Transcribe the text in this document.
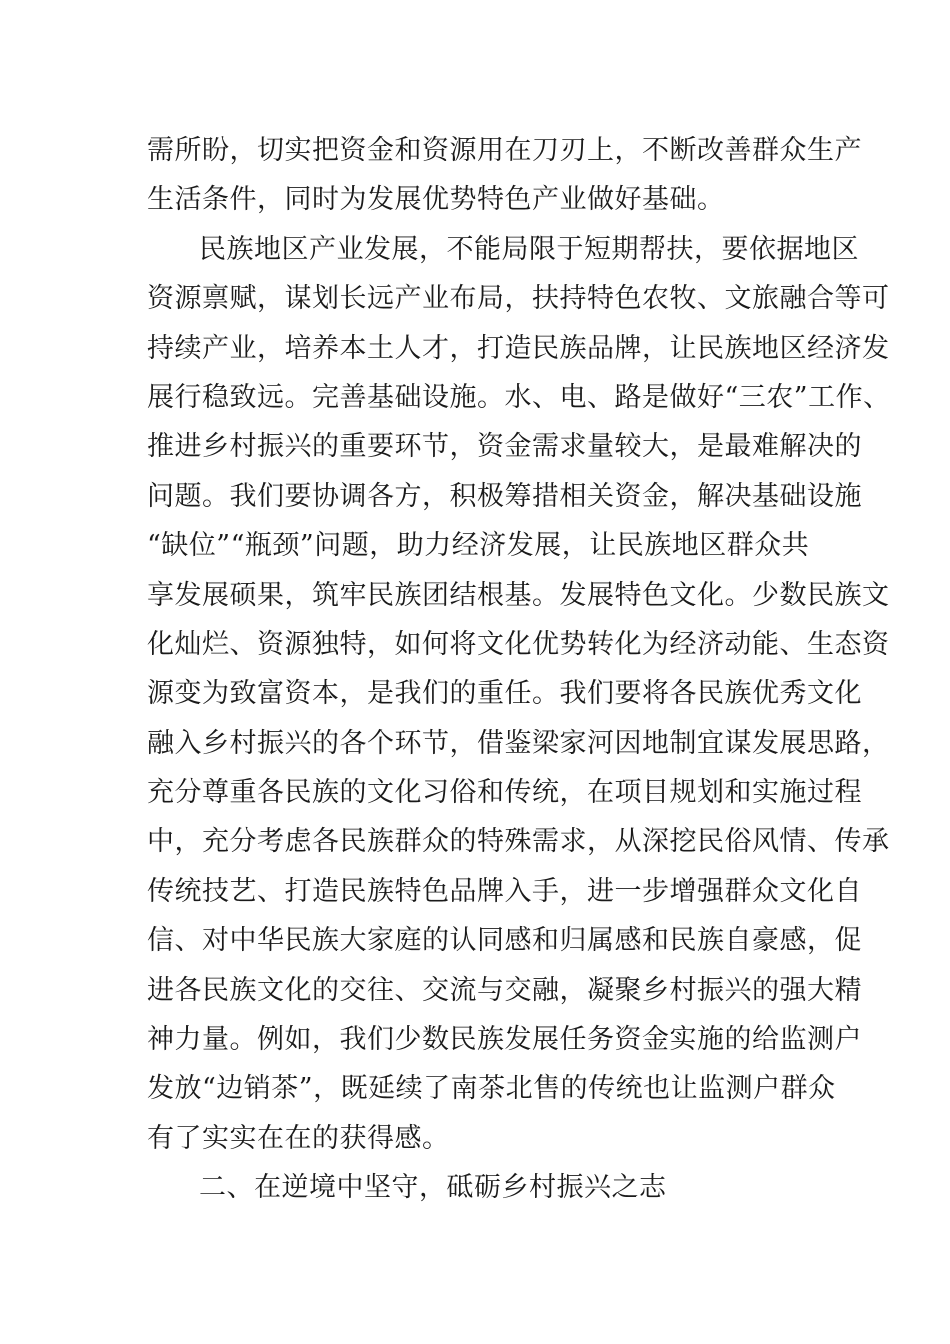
需所盼，切实把资金和资源用在刀刃上，不断改善群众生产
生活条件，同时为发展优势特色产业做好基础。
民族地区产业发展，不能局限于短期帮扶，要依据地区
资源禀赋，谋划长远产业布局，扶持特色农牧、文旅融合等可
持续产业，培养本土人才，打造民族品牌，让民族地区经济发
展行稳致远。完善基础设施。水、电、路是做好“三农”工作、
推进乡村振兴的重要环节，资金需求量较大，是最难解决的
问题。我们要协调各方，积极筹措相关资金，解决基础设施
“缺位”“瓶颈”问题，助力经济发展，让民族地区群众共
享发展硕果，筑牢民族团结根基。发展特色文化。少数民族文
化灿烂、资源独特，如何将文化优势转化为经济动能、生态资
源变为致富资本，是我们的重任。我们要将各民族优秀文化
融入乡村振兴的各个环节，借鉴梁家河因地制宜谋发展思路，
充分尊重各民族的文化习俗和传统，在项目规划和实施过程
中，充分考虑各民族群众的特殊需求，从深挖民俗风情、传承
传统技艺、打造民族特色品牌入手，进一步增强群众文化自
信、对中华民族大家庭的认同感和归属感和民族自豪感，促
进各民族文化的交往、交流与交融，凝聚乡村振兴的强大精
神力量。例如，我们少数民族发展任务资金实施的给监测户
发放“边销茶”，既延续了南茶北售的传统也让监测户群众
有了实实在在的获得感。
二、在逆境中坚守，砥砺乡村振兴之志
